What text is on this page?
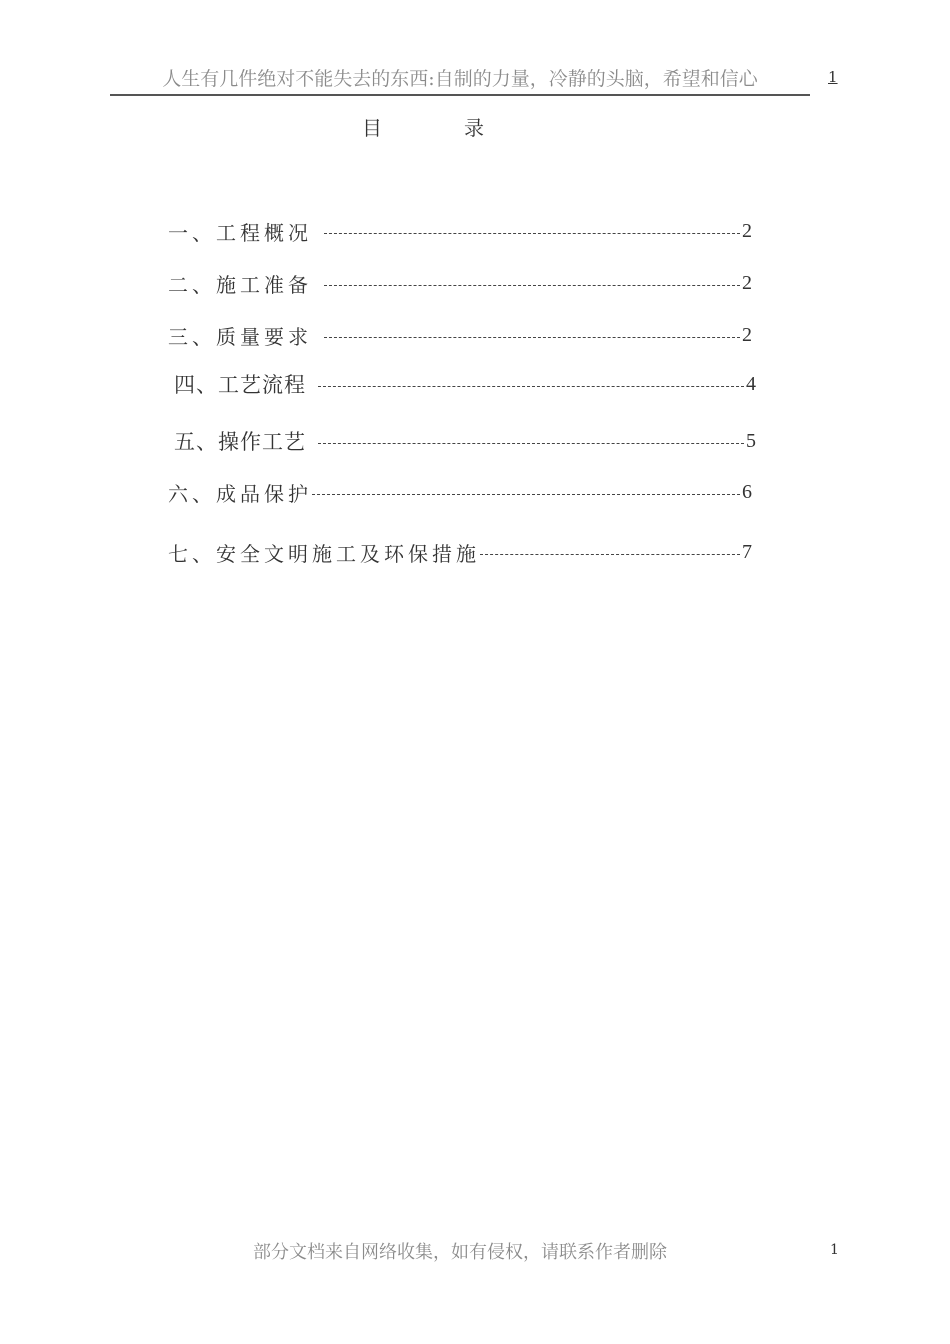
人生有几件绝对不能失去的东西:自制的力量，冷静的头脑，希望和信心	1
目	录
一、工程概况	2
二、施工准备	2
三、质量要求	2
四、工艺流程	4
五、操作工艺	5
六、成品保护	6
七、安全文明施工及环保措施	7
部分文档来自网络收集，如有侵权，请联系作者删除	1
